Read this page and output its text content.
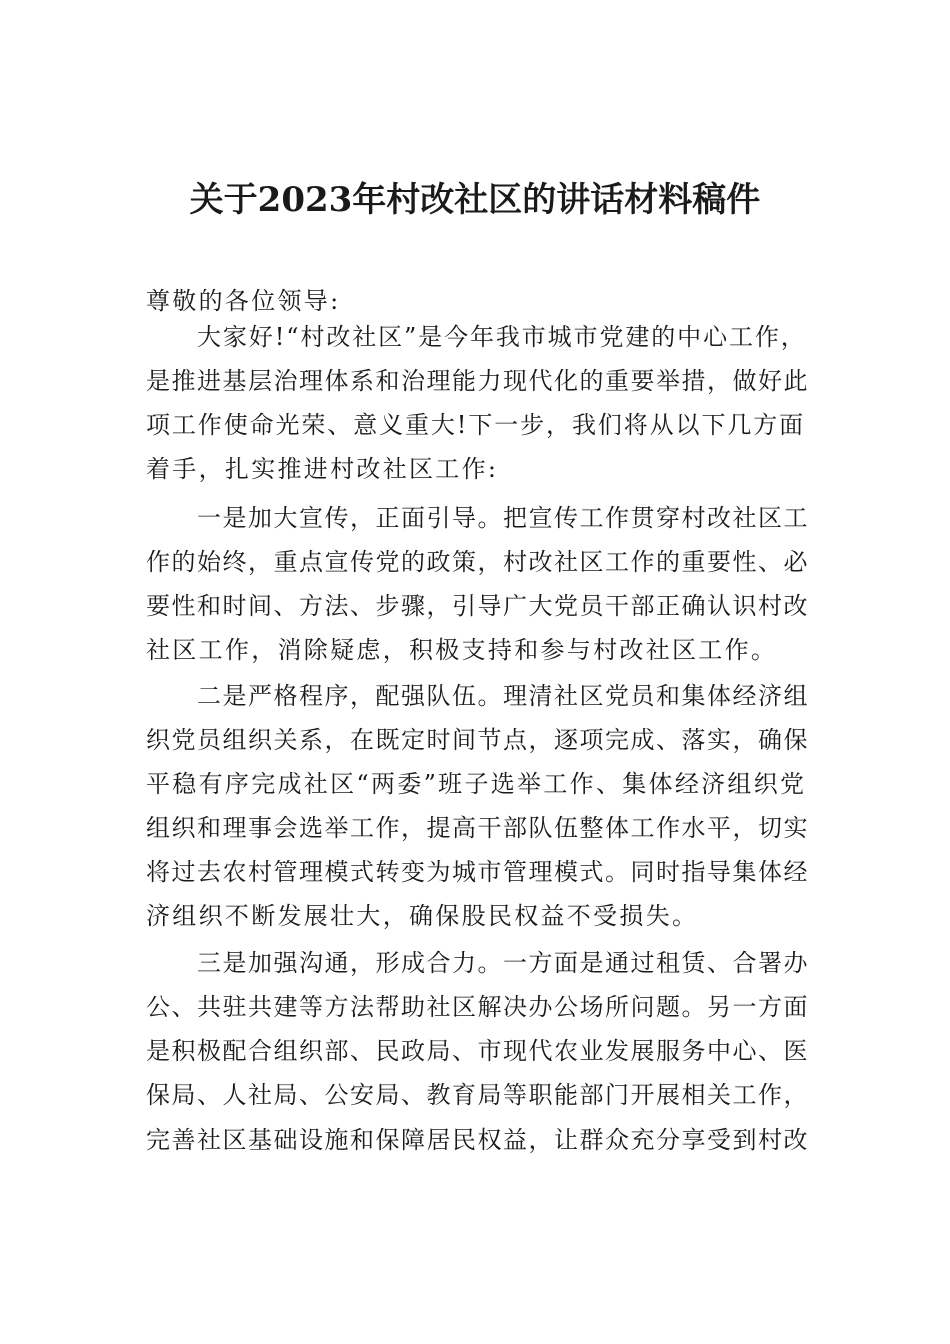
关于2023年村改社区的讲话材料稿件
尊敬的各位领导:
大家好!“村改社区”是今年我市城市党建的中心工作，
是推进基层治理体系和治理能力现代化的重要举措，做好此
项工作使命光荣、意义重大!下一步，我们将从以下几方面
着手，扎实推进村改社区工作:
一是加大宣传，正面引导。把宣传工作贯穿村改社区工
作的始终，重点宣传党的政策，村改社区工作的重要性、必
要性和时间、方法、步骤，引导广大党员干部正确认识村改
社区工作，消除疑虑，积极支持和参与村改社区工作。
二是严格程序，配强队伍。理清社区党员和集体经济组
织党员组织关系，在既定时间节点，逐项完成、落实，确保
平稳有序完成社区“两委”班子选举工作、集体经济组织党
组织和理事会选举工作，提高干部队伍整体工作水平，切实
将过去农村管理模式转变为城市管理模式。同时指导集体经
济组织不断发展壮大，确保股民权益不受损失。
三是加强沟通，形成合力。一方面是通过租赁、合署办
公、共驻共建等方法帮助社区解决办公场所问题。另一方面
是积极配合组织部、民政局、市现代农业发展服务中心、医
保局、人社局、公安局、教育局等职能部门开展相关工作，
完善社区基础设施和保障居民权益，让群众充分享受到村改
